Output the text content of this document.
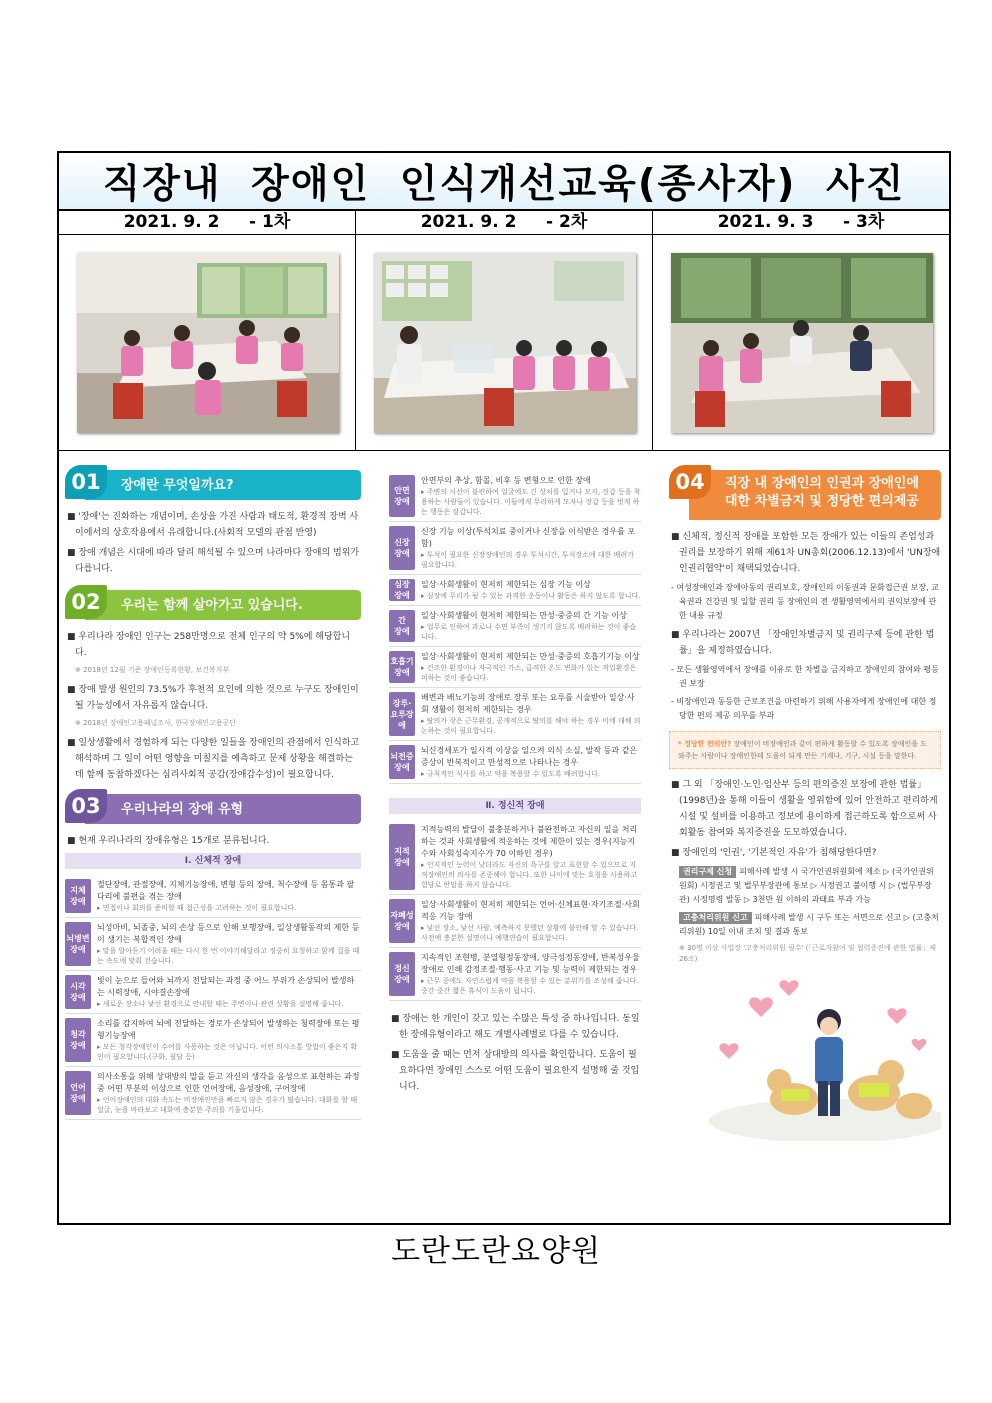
직장내 장애인 인식개선교육(종사자) 사진
2021. 9. 2     - 1차	2021. 9. 2     - 2차	2021. 9. 3     - 3차
01	장애란 무엇일까요?

■ '장애'는 진화하는 개념이며, 손상을 가진 사람과 태도적, 환경적 장벽 사이에서의 상호작용에서 유래합니다.(사회적 모델의 관점 반영)

■ 장애 개념은 시대에 따라 달리 해석될 수 있으며 나라마다 장애의 범위가 다릅니다.

02	우리는 함께 살아가고 있습니다.

■ 우리나라 장애인 인구는 258만명으로 전체 인구의 약 5%에 해당합니다.

※ 2018년 12월 기준 장애인등록현황, 보건복지부

■ 장애 발생 원인의 73.5%가 후천적 요인에 의한 것으로 누구도 장애인이 될 가능성에서 자유롭지 않습니다.

※ 2018년 장애인고용패널조사, 한국장애인고용공단

■ 일상생활에서 경험하게 되는 다양한 일들을 장애인의 관점에서 인식하고 해석하며 그 일이 어떤 영향을 미칠지를 예측하고 문제 상황을 해결하는데 함께 동참하겠다는 심리사회적 공감(장애감수성)이 필요합니다.

03	우리나라의 장애 유형

■ 현재 우리나라의 장애유형은 15개로 분류됩니다.

Ⅰ. 신체적 장애
지체
장애
절단장애, 관절장애, 지체기능장애, 변형 등의 장애, 척수장애 등 몸통과 팔다리에 불편을 겪는 장애
▸ 면접이나 회의를 준비할 때 접근성을 고려하는 것이 필요합니다.
뇌병변
장애
뇌성마비, 뇌졸중, 뇌의 손상 등으로 인해 보행장애, 일상생활동작의 제한 등이 생기는 복합적인 장애
▸ 말을 알아듣기 어려울 때는 다시 한 번 이야기해달라고 정중히 요청하고 함께 걸을 때는 속도에 맞춰 걷습니다.
시각
장애
빛이 눈으로 들어와 뇌까지 전달되는 과정 중 어느 부위가 손상되어 발생하는 시력장애, 시야결손장애
▸ 새로운 장소나 낯선 환경으로 안내할 때는 주변이나 관련 상황을 설명해 줍니다.
청각
장애
소리를 감지하여 뇌에 전달하는 경로가 손상되어 발생하는 청력장애 또는 평형기능장애
▸ 모든 청각장애인이 수어를 사용하는 것은 아닙니다. 어떤 의사소통 방법이 좋은지 확인이 필요합니다.(구화, 필담 등)
언어
장애
의사소통을 위해 상대방의 말을 듣고 자신의 생각을 음성으로 표현하는 과정 중 어떤 부분의 이상으로 인한 언어장애, 음성장애, 구어장애
▸ 언어장애인의 대화 속도는 비장애인만큼 빠르지 않은 경우가 많습니다. 대화를 할 때 얼굴, 눈을 바라보고 대화에 충분한 주의를 기울입니다.
안면
장애
안면부의 추상, 함몰, 비후 등 변형으로 인한 장애
▸ 주변의 시선이 불편하여 얼굴에도 긴 상처를 입거나 모자, 장갑 등을 착용하는 사람들이 있습니다. 이들에게 무리하게 모자나 장갑 등을 벗게 하는 행동은 삼갑니다.
신장
장애
신장 기능 이상(투석치료 중이거나 신장을 이식받은 경우를 포함)
▸ 투석이 필요한 신장장애인의 경우 투석시간, 투석장소에 대한 배려가 필요합니다.
심장
장애
일상·사회생활이 현저히 제한되는 심장 기능 이상
▸ 심장에 무리가 될 수 있는 과격한 운동이나 활동은 하지 않도록 합니다.
간
장애
일상·사회생활이 현저히 제한되는 만성·중증의 간 기능 이상
▸ 업무로 인하여 과로나 수면 부족이 생기지 않도록 배려하는 것이 좋습니다.
호흡기
장애
일상·사회생활이 현저히 제한되는 만성·중증의 호흡기기능 이상
▸ 건조한 환경이나 자극적인 가스, 급격한 온도 변화가 있는 작업환경은 피하는 것이 좋습니다.
장루·
요루장애
배변과 배뇨기능의 장애로 장루 또는 요루를 시술받아 일상·사회 생활이 현저히 제한되는 경우
▸ 탈의가 잦은 근무환경, 공개적으로 탈의를 해야 하는 경우 이에 대해 의논하는 것이 필요합니다.
뇌전증
장애
뇌신경세포가 일시적 이상을 일으켜 의식 소실, 발작 등과 같은 증상이 반복적이고 만성적으로 나타나는 경우
▸ 규칙적인 식사를 하고 약을 복용할 수 있도록 배려합니다.
Ⅱ. 정신적 장애
지적
장애
지적능력의 발달이 불충분하거나 불완전하고 자신의 일을 처리하는 것과 사회생활에 적응하는 것에 제한이 있는 경우(지능지수와 사회성숙지수가 70 이하인 경우)
▸ 인지적인 능력이 낮더라도 자신의 욕구를 알고 표현할 수 있으므로 지적장애인의 의사를 존중해야 합니다. 또한 나이에 맞는 호칭을 사용하고 험담로 반말을 하지 않습니다.
자폐성
장애
일상·사회생활이 현저히 제한되는 언어·신체표현·자기조절·사회적응 기능 장애
▸ 낯선 장소, 낯선 사람, 예측하지 못했던 상황에 불안해 할 수 있습니다. 사전에 충분한 설명이나 예행연습이 필요합니다.
정신
장애
지속적인 조현병, 분열형정동장애, 양극성정동장애, 반복성우울장애로 인해 감정조절·행동·사고 기능 및 능력이 제한되는 경우
▸ 근무 중에도 자연스럽게 약을 복용할 수 있는 분위기를 조성해 줍니다. 중간 중간 짧은 휴식이 도움이 됩니다.

■ 장애는 한 개인이 갖고 있는 수많은 특성 중 하나입니다. 동일한 장애유형이라고 해도 개별사례별로 다를 수 있습니다.

■ 도움을 줄 때는 먼저 상대방의 의사를 확인합니다. 도움이 필요하다면 장애인 스스로 어떤 도움이 필요한지 설명해 줄 것입니다.

04	직장 내 장애인의 인권과 장애인에 대한 차별금지 및 정당한 편의제공

■ 신체적, 정신적 장애를 포함한 모든 장애가 있는 이들의 존엄성과 권리를 보장하기 위해 제61차 UN총회(2006.12.13)에서 'UN장애인권리협약'이 채택되었습니다.

- 여성장애인과 장애아동의 권리보호, 장애인의 이동권과 문화접근권 보장, 교육권과 건강권 및 일할 권리 등 장애인의 전 생활영역에서의 권익보장에 관한 내용 규정

■ 우리나라는 2007년 「장애인차별금지 및 권리구제 등에 관한 법률」을 제정하였습니다.

- 모든 생활영역에서 장애를 이유로 한 차별을 금지하고 장애인의 참여와 평등권 보장

- 비장애인과 동등한 근로조건을 마련하기 위해 사용자에게 장애인에 대한 정당한 편의 제공 의무를 부과

* 정당한 편의란? 장애인이 비장애인과 같이 편하게 활동할 수 있도록 장애인을 도와주는 사람이나 장애인한테 도움이 되게 만든 기계나, 기구, 시설 등을 말한다.

■ 그 외 「장애인·노인·임산부 등의 편의증진 보장에 관한 법률」(1998년)을 통해 이들이 생활을 영위함에 있어 안전하고 편리하게 시설 및 설비를 이용하고 정보에 용이하게 접근하도록 함으로써 사회활동 참여와 복지증진을 도모하였습니다.

■ 장애인의 '인권', '기본적인 자유'가 침해당한다면?

권리구제 신청 피해사례 발생 시 국가인권위원회에 제소 ▷ (국가인권위원회) 시정권고 및 법무부장관에 통보 ▷ 시정권고 불이행 시 ▷ (법무부장관) 시정명령 발동 ▷ 3천만 원 이하의 과태료 부과 가능

고충처리위원 신고 피해사례 발생 시 구두 또는 서면으로 신고 ▷ (고충처리위원) 10일 이내 조치 및 결과 통보

※ 30명 이상 사업장 '고충처리위원 필수' (「근로자참여 및 협력증진에 관한 법률」제26조)

도란도란요양원
